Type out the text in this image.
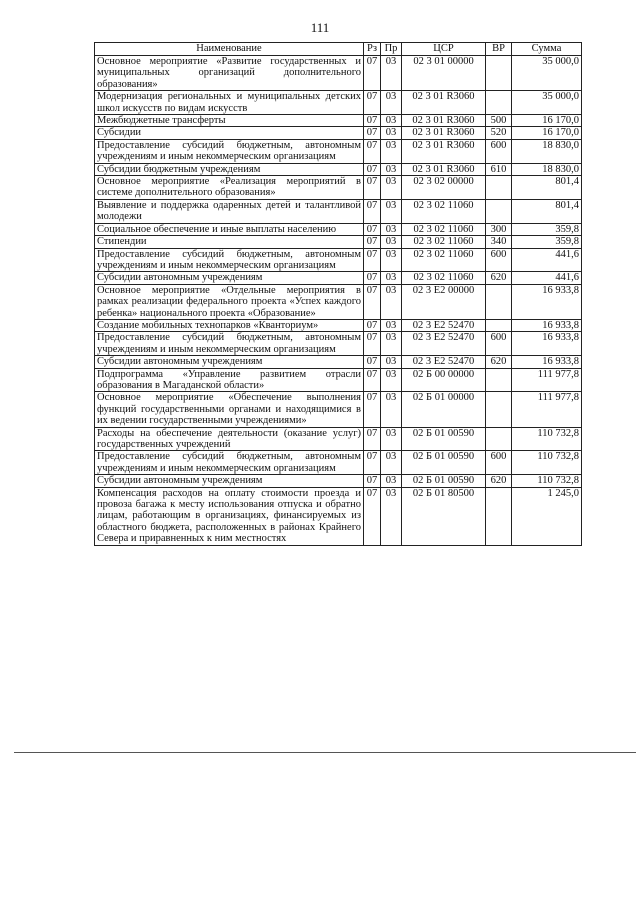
111
Наименование	Рз	Пр	ЦСР	ВР	Сумма
Основное мероприятие «Развитие государственных и муниципальных организаций дополнительного образования»	07	03	02 3 01 00000		35 000,0
Модернизация региональных и муниципальных детских школ искусств по видам искусств	07	03	02 3 01 R3060		35 000,0
Межбюджетные трансферты	07	03	02 3 01 R3060	500	16 170,0
Субсидии	07	03	02 3 01 R3060	520	16 170,0
Предоставление субсидий бюджетным, автономным учреждениям и иным некоммерческим организациям	07	03	02 3 01 R3060	600	18 830,0
Субсидии бюджетным учреждениям	07	03	02 3 01 R3060	610	18 830,0
Основное мероприятие «Реализация мероприятий в системе дополнительного образования»	07	03	02 3 02 00000		801,4
Выявление и поддержка одаренных детей и талантливой молодежи	07	03	02 3 02 11060		801,4
Социальное обеспечение и иные выплаты населению	07	03	02 3 02 11060	300	359,8
Стипендии	07	03	02 3 02 11060	340	359,8
Предоставление субсидий бюджетным, автономным учреждениям и иным некоммерческим организациям	07	03	02 3 02 11060	600	441,6
Субсидии автономным учреждениям	07	03	02 3 02 11060	620	441,6
Основное мероприятие «Отдельные мероприятия в рамках реализации федерального проекта «Успех каждого ребенка» национального проекта «Образование»	07	03	02 3 E2 00000		16 933,8
Создание мобильных технопарков «Кванториум»	07	03	02 3 E2 52470		16 933,8
Предоставление субсидий бюджетным, автономным учреждениям и иным некоммерческим организациям	07	03	02 3 E2 52470	600	16 933,8
Субсидии автономным учреждениям	07	03	02 3 E2 52470	620	16 933,8
Подпрограмма «Управление развитием отрасли образования в Магаданской области»	07	03	02 Б 00 00000		111 977,8
Основное мероприятие «Обеспечение выполнения функций государственными органами и находящимися в их ведении государственными учреждениями»	07	03	02 Б 01 00000		111 977,8
Расходы на обеспечение деятельности (оказание услуг) государственных учреждений	07	03	02 Б 01 00590		110 732,8
Предоставление субсидий бюджетным, автономным учреждениям и иным некоммерческим организациям	07	03	02 Б 01 00590	600	110 732,8
Субсидии автономным учреждениям	07	03	02 Б 01 00590	620	110 732,8
Компенсация расходов на оплату стоимости проезда и провоза багажа к месту использования отпуска и обратно лицам, работающим в организациях, финансируемых из областного бюджета, расположенных в районах Крайнего Севера и приравненных к ним местностях	07	03	02 Б 01 80500		1 245,0
